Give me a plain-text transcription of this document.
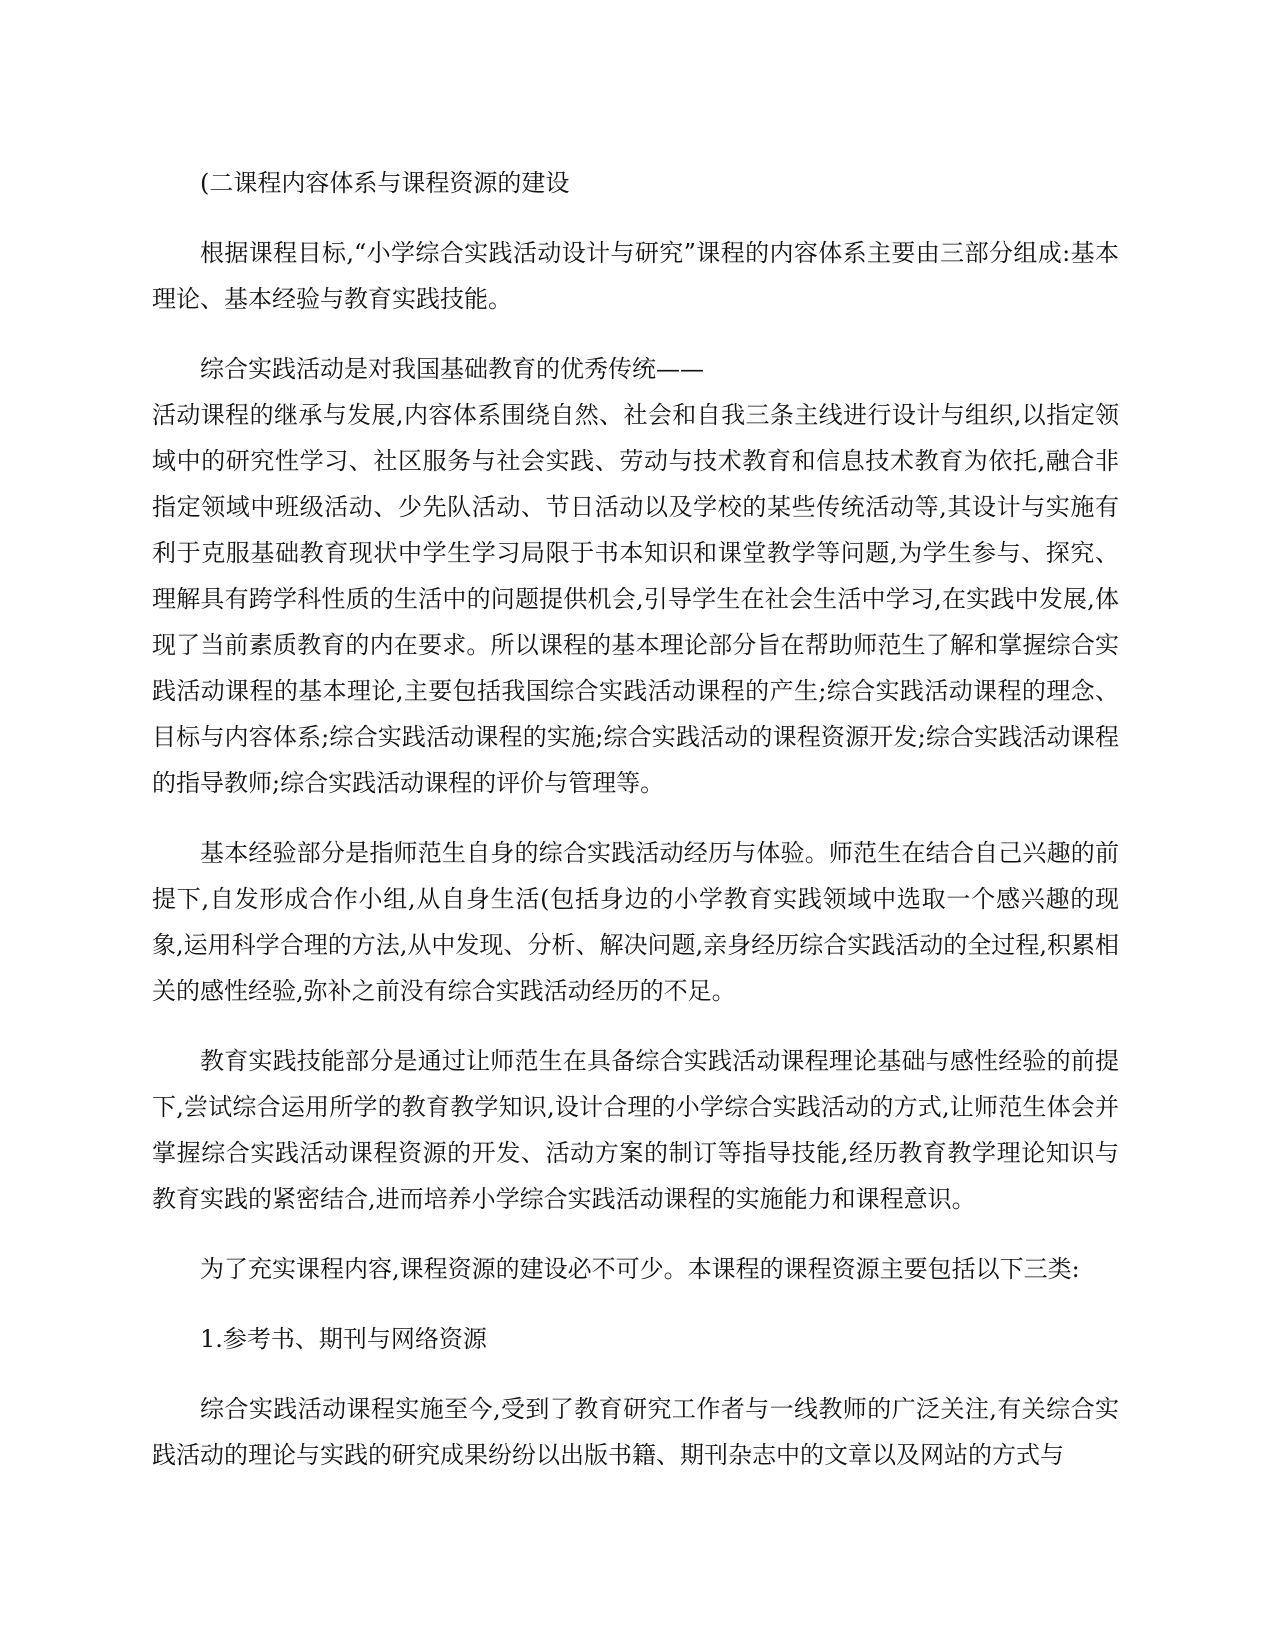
(二课程内容体系与课程资源的建设

根据课程目标,“小学综合实践活动设计与研究”课程的内容体系主要由三部分组成:基本理论、基本经验与教育实践技能。

综合实践活动是对我国基础教育的优秀传统——

活动课程的继承与发展,内容体系围绕自然、社会和自我三条主线进行设计与组织,以指定领域中的研究性学习、社区服务与社会实践、劳动与技术教育和信息技术教育为依托,融合非指定领域中班级活动、少先队活动、节日活动以及学校的某些传统活动等,其设计与实施有利于克服基础教育现状中学生学习局限于书本知识和课堂教学等问题,为学生参与、探究、理解具有跨学科性质的生活中的问题提供机会,引导学生在社会生活中学习,在实践中发展,体现了当前素质教育的内在要求。所以课程的基本理论部分旨在帮助师范生了解和掌握综合实践活动课程的基本理论,主要包括我国综合实践活动课程的产生;综合实践活动课程的理念、目标与内容体系;综合实践活动课程的实施;综合实践活动的课程资源开发;综合实践活动课程的指导教师;综合实践活动课程的评价与管理等。

基本经验部分是指师范生自身的综合实践活动经历与体验。师范生在结合自己兴趣的前提下,自发形成合作小组,从自身生活(包括身边的小学教育实践领域中选取一个感兴趣的现象,运用科学合理的方法,从中发现、分析、解决问题,亲身经历综合实践活动的全过程,积累相关的感性经验,弥补之前没有综合实践活动经历的不足。

教育实践技能部分是通过让师范生在具备综合实践活动课程理论基础与感性经验的前提下,尝试综合运用所学的教育教学知识,设计合理的小学综合实践活动的方式,让师范生体会并掌握综合实践活动课程资源的开发、活动方案的制订等指导技能,经历教育教学理论知识与教育实践的紧密结合,进而培养小学综合实践活动课程的实施能力和课程意识。

为了充实课程内容,课程资源的建设必不可少。本课程的课程资源主要包括以下三类:

1.参考书、期刊与网络资源

综合实践活动课程实施至今,受到了教育研究工作者与一线教师的广泛关注,有关综合实践活动的理论与实践的研究成果纷纷以出版书籍、期刊杂志中的文章以及网站的方式与
